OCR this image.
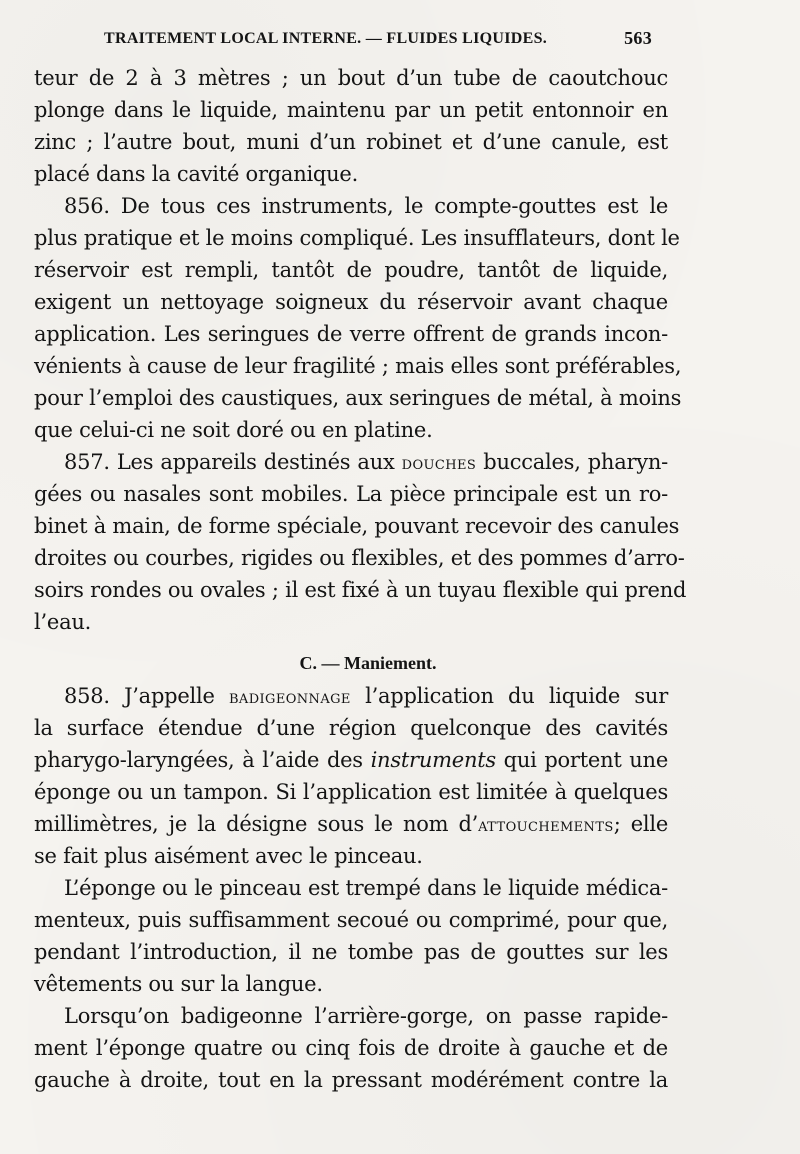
TRAITEMENT LOCAL INTERNE. — FLUIDES LIQUIDES.	563
teur de 2 à 3 mètres ; un bout d’un tube de caoutchouc
plonge dans le liquide, maintenu par un petit entonnoir en
zinc ; l’autre bout, muni d’un robinet et d’une canule, est
placé dans la cavité organique.
856. De tous ces instruments, le compte-gouttes est le
plus pratique et le moins compliqué. Les insufflateurs, dont le
réservoir est rempli, tantôt de poudre, tantôt de liquide,
exigent un nettoyage soigneux du réservoir avant chaque
application. Les seringues de verre offrent de grands incon-
vénients à cause de leur fragilité ; mais elles sont préférables,
pour l’emploi des caustiques, aux seringues de métal, à moins
que celui-ci ne soit doré ou en platine.
857. Les appareils destinés aux douches buccales, pharyn-
gées ou nasales sont mobiles. La pièce principale est un ro-
binet à main, de forme spéciale, pouvant recevoir des canules
droites ou courbes, rigides ou flexibles, et des pommes d’arro-
soirs rondes ou ovales ; il est fixé à un tuyau flexible qui prend
l’eau.
C. — Maniement.
858. J’appelle badigeonnage l’application du liquide sur
la surface étendue d’une région quelconque des cavités
pharygo-laryngées, à l’aide des instruments qui portent une
éponge ou un tampon. Si l’application est limitée à quelques
millimètres, je la désigne sous le nom d’attouchements; elle
se fait plus aisément avec le pinceau.
L’éponge ou le pinceau est trempé dans le liquide médica-
menteux, puis suffisamment secoué ou comprimé, pour que,
pendant l’introduction, il ne tombe pas de gouttes sur les
vêtements ou sur la langue.
Lorsqu’on badigeonne l’arrière-gorge, on passe rapide-
ment l’éponge quatre ou cinq fois de droite à gauche et de
gauche à droite, tout en la pressant modérément contre la
